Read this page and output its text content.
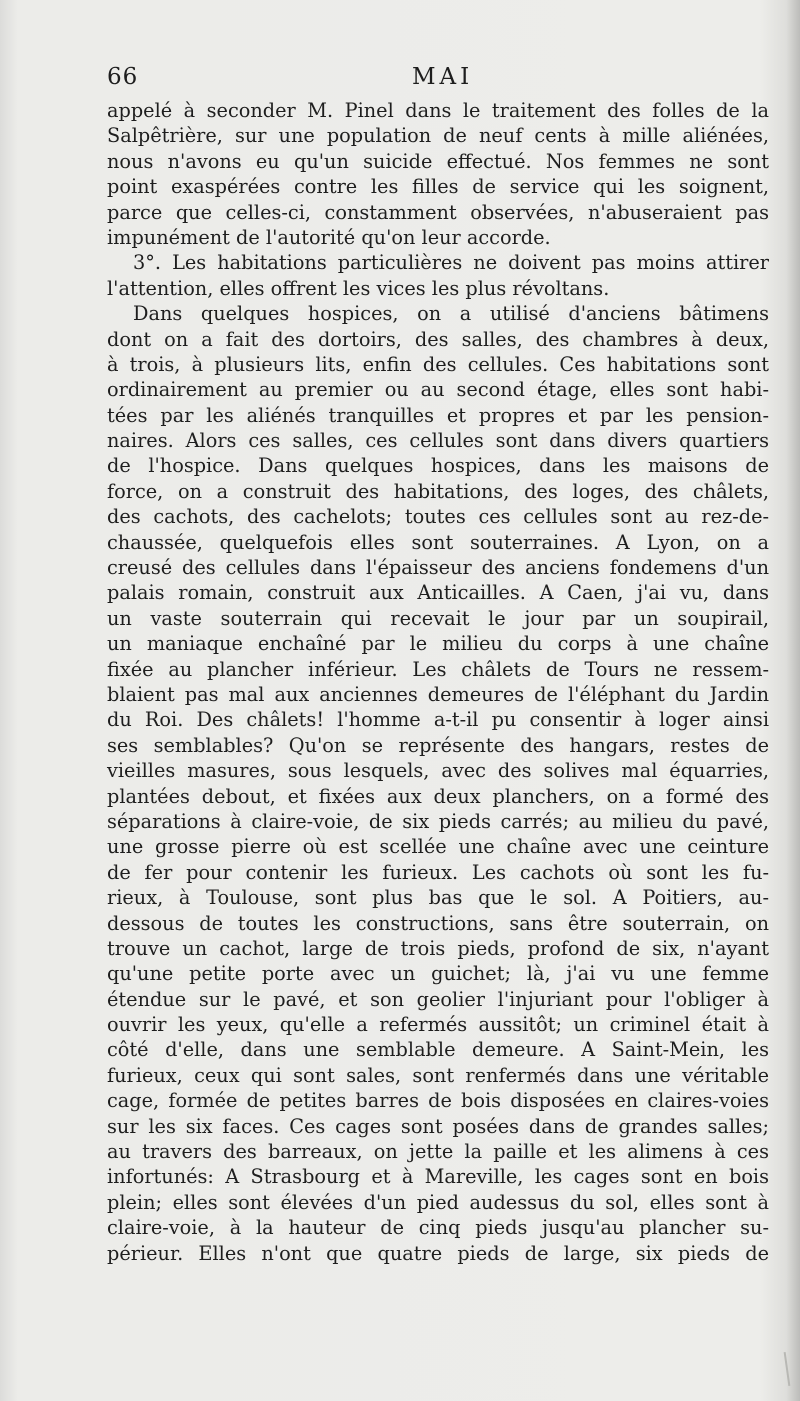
66	MAI
appelé à seconder M. Pinel dans le traitement des folles de la
Salpêtrière, sur une population de neuf cents à mille aliénées,
nous n'avons eu qu'un suicide effectué. Nos femmes ne sont
point exaspérées contre les filles de service qui les soignent,
parce que celles-ci, constamment observées, n'abuseraient pas
impunément de l'autorité qu'on leur accorde.
3°. Les habitations particulières ne doivent pas moins attirer
l'attention, elles offrent les vices les plus révoltans.
Dans quelques hospices, on a utilisé d'anciens bâtimens
dont on a fait des dortoirs, des salles, des chambres à deux,
à trois, à plusieurs lits, enfin des cellules. Ces habitations sont
ordinairement au premier ou au second étage, elles sont habi-
tées par les aliénés tranquilles et propres et par les pension-
naires. Alors ces salles, ces cellules sont dans divers quartiers
de l'hospice. Dans quelques hospices, dans les maisons de
force, on a construit des habitations, des loges, des châlets,
des cachots, des cachelots; toutes ces cellules sont au rez-de-
chaussée, quelquefois elles sont souterraines. A Lyon, on a
creusé des cellules dans l'épaisseur des anciens fondemens d'un
palais romain, construit aux Anticailles. A Caen, j'ai vu, dans
un vaste souterrain qui recevait le jour par un soupirail,
un maniaque enchaîné par le milieu du corps à une chaîne
fixée au plancher inférieur. Les châlets de Tours ne ressem-
blaient pas mal aux anciennes demeures de l'éléphant du Jardin
du Roi. Des châlets! l'homme a-t-il pu consentir à loger ainsi
ses semblables? Qu'on se représente des hangars, restes de
vieilles masures, sous lesquels, avec des solives mal équarries,
plantées debout, et fixées aux deux planchers, on a formé des
séparations à claire-voie, de six pieds carrés; au milieu du pavé,
une grosse pierre où est scellée une chaîne avec une ceinture
de fer pour contenir les furieux. Les cachots où sont les fu-
rieux, à Toulouse, sont plus bas que le sol. A Poitiers, au-
dessous de toutes les constructions, sans être souterrain, on
trouve un cachot, large de trois pieds, profond de six, n'ayant
qu'une petite porte avec un guichet; là, j'ai vu une femme
étendue sur le pavé, et son geolier l'injuriant pour l'obliger à
ouvrir les yeux, qu'elle a refermés aussitôt; un criminel était à
côté d'elle, dans une semblable demeure. A Saint-Mein, les
furieux, ceux qui sont sales, sont renfermés dans une véritable
cage, formée de petites barres de bois disposées en claires-voies
sur les six faces. Ces cages sont posées dans de grandes salles;
au travers des barreaux, on jette la paille et les alimens à ces
infortunés: A Strasbourg et à Mareville, les cages sont en bois
plein; elles sont élevées d'un pied audessus du sol, elles sont à
claire-voie, à la hauteur de cinq pieds jusqu'au plancher su-
périeur. Elles n'ont que quatre pieds de large, six pieds de
